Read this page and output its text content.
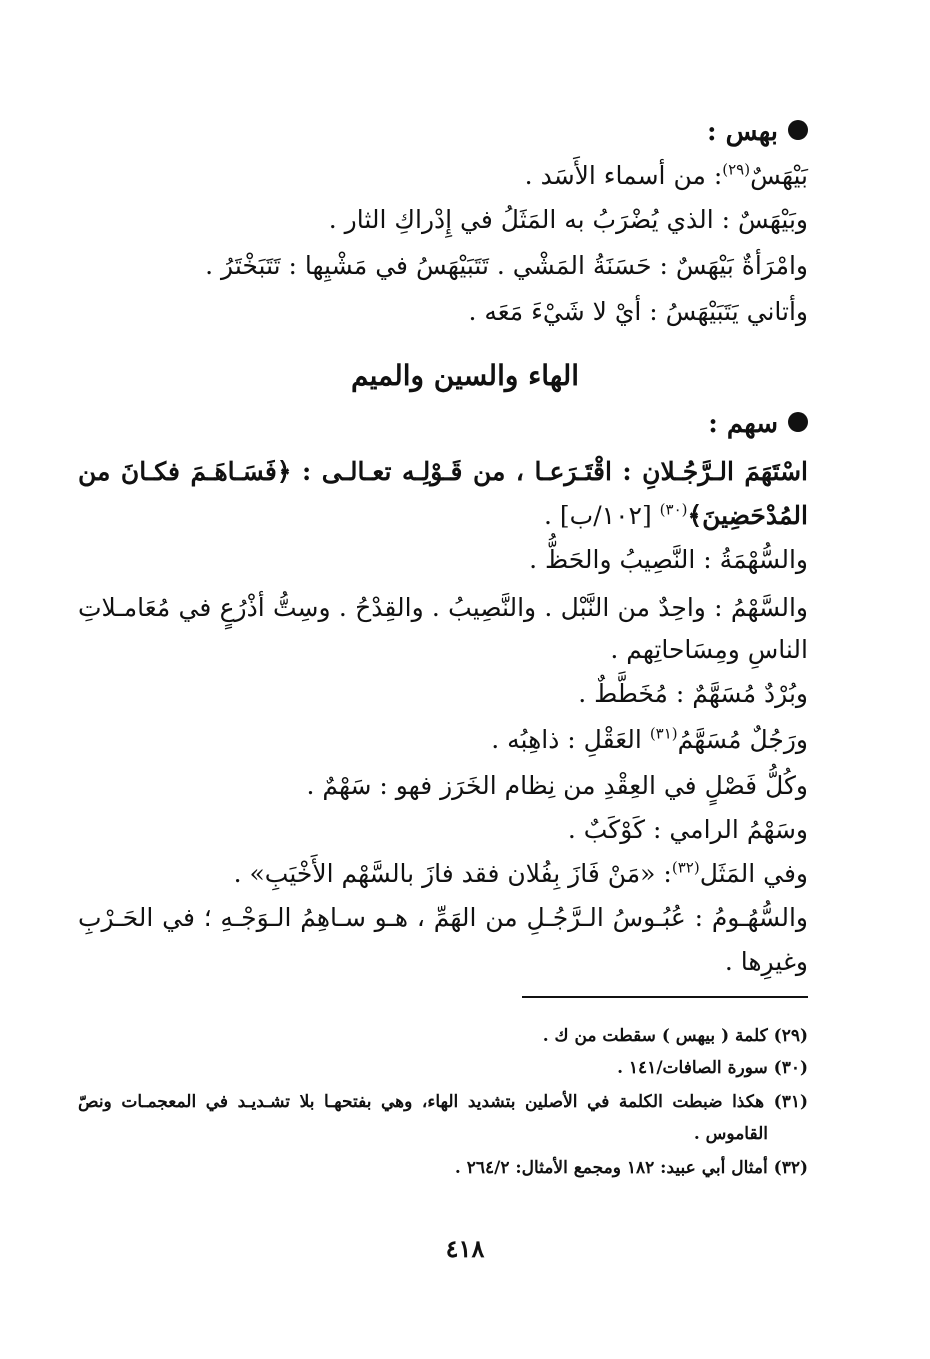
بهس :
بَيْهَسٌ$^{(٢٩)}$: من أسماء الأَسَد .
وبَيْهَسٌ : الذي يُضْرَبُ به المَثَلُ في إِدْراكِ الثار .
وامْرَأةٌ بَيْهَسٌ : حَسَنَةُ المَشْي . تَتَبَيْهَسُ في مَشْيِها : تَتَبَخْتَرُ .
وأتاني يَتَبَيْهَسُ : أيْ لا شَيْءَ مَعَه .
الهاء والسين والميم
سهم :
اسْتَهَمَ الـرَّجُـلانِ : اقْتَـرَعـا ، من قَـوْلِـه تعـالـى : ﴿فَسَـاهَـمَ فكـانَ من
المُدْحَضِينَ﴾$^{(٣٠)}$ [١٠٢/ب] .
والسُّهْمَةُ : النَّصِيبُ والحَظُّ .
والسَّهْمُ : واحِدٌ من النَّبْل . والنَّصِيبُ . والقِدْحُ . وسِتُّ أذْرُعٍ في مُعَامـلاتِ
الناسِ ومِسَاحاتِهم .
وبُرْدٌ مُسَهَّمٌ : مُخَطَّطٌ .
ورَجُلٌ مُسَهَّمُ$^{(٣١)}$ العَقْلِ : ذاهِبُه .
وكُلُّ فَصْلٍ في العِقْدِ من نِظام الخَرَز فهو : سَهْمٌ .
وسَهْمُ الرامي : كَوْكَبٌ .
وفي المَثَل$^{(٣٢)}$: «مَنْ فَازَ بِفُلان فقد فازَ بالسَّهْم الأَخْيَبِ» .
والسُّهُـومُ : عُبُـوسُ الـرَّجُـلِ من الهَمِّ ، هـو سـاهِمُ الـوَجْـهِ ؛ في الحَـرْبِ
وغيرِها .
(٢٩) كلمة ( بيهس ) سقطت من ك .
(٣٠) سورة الصافات/١٤١ .
(٣١) هكذا ضبطت الكلمة في الأصلين بتشديد الهاء، وهي بفتحهـا بلا تشـديـد في المعجمـات ونصّ
القاموس .
(٣٢) أمثال أبي عبيد: ١٨٢ ومجمع الأمثال: ٢٦٤/٢ .
٤١٨
